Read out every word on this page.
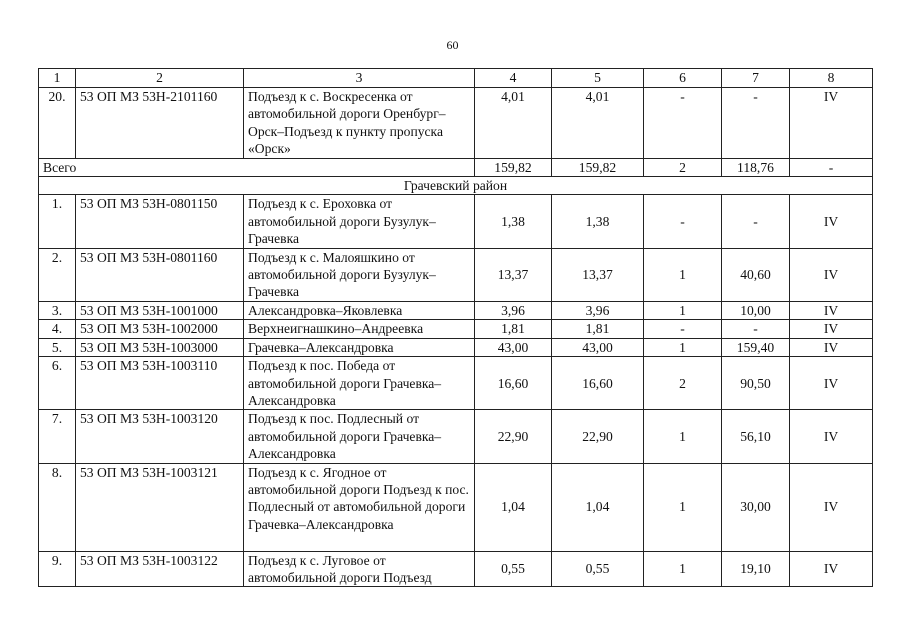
60
1	2	3	4	5	6	7	8
20.	53 ОП МЗ 53Н-2101160	Подъезд к с. Воскресенка от автомобильной дороги Оренбург–Орск–Подъезд к пункту пропуска «Орск»	4,01	4,01	-	-	IV
Всего			159,82	159,82	2	118,76	-
Грачевский район							
1.	53 ОП МЗ 53Н-0801150	Подъезд к с. Ероховка от автомобильной дороги Бузулук–Грачевка	1,38	1,38	-	-	IV
2.	53 ОП МЗ 53Н-0801160	Подъезд к с. Малояшкино от автомобильной дороги Бузулук–Грачевка	13,37	13,37	1	40,60	IV
3.	53 ОП МЗ 53Н-1001000	Александровка–Яковлевка	3,96	3,96	1	10,00	IV
4.	53 ОП МЗ 53Н-1002000	Верхнеигнашкино–Андреевка	1,81	1,81	-	-	IV
5.	53 ОП МЗ 53Н-1003000	Грачевка–Александровка	43,00	43,00	1	159,40	IV
6.	53 ОП МЗ 53Н-1003110	Подъезд к пос. Победа от автомобильной дороги Грачевка–Александровка	16,60	16,60	2	90,50	IV
7.	53 ОП МЗ 53Н-1003120	Подъезд к пос. Подлесный от автомобильной дороги Грачевка–Александровка	22,90	22,90	1	56,10	IV
8.	53 ОП МЗ 53Н-1003121	Подъезд к с. Ягодное от автомобильной дороги Подъезд к пос. Подлесный от автомобильной дороги Грачевка–Александровка	1,04	1,04	1	30,00	IV
9.	53 ОП МЗ 53Н-1003122	Подъезд к с. Луговое от автомобильной дороги Подъезд	0,55	0,55	1	19,10	IV
